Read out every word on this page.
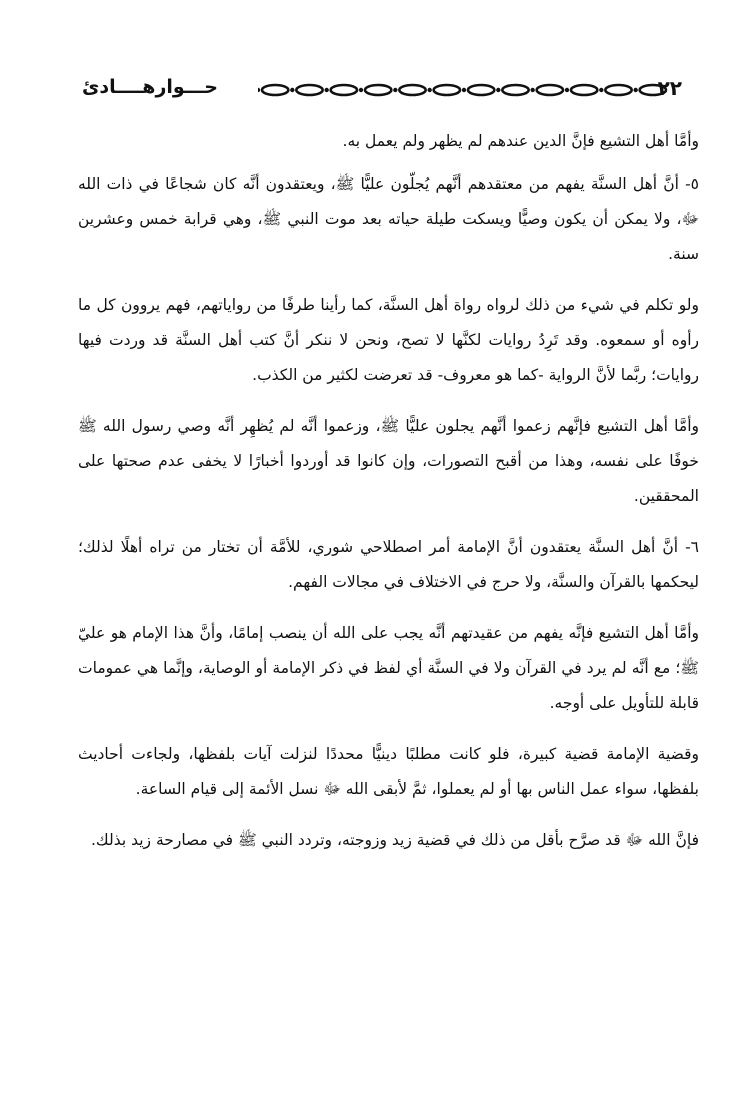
حـــوارهــــادئ	٢٢

وأمَّا أهل التشيع فإنَّ الدين عندهم لم يظهر ولم يعمل به.

٥- أنَّ أهل السنَّة يفهم من معتقدهم أنَّهم يُجلّون عليًّا ﷺ، ويعتقدون أنَّه كان شجاعًا في ذات الله ﷻ، ولا يمكن أن يكون وصيًّا ويسكت طيلة حياته بعد موت النبي ﷺ، وهي قرابة خمس وعشرين سنة.

ولو تكلم في شيء من ذلك لرواه رواة أهل السنَّة، كما رأينا طرفًا من رواياتهم، فهم يروون كل ما رأوه أو سمعوه. وقد تَرِدُ روايات لكنَّها لا تصح، ونحن لا ننكر أنَّ كتب أهل السنَّة قد وردت فيها روايات؛ ربَّما لأنَّ الرواية -كما هو معروف- قد تعرضت لكثير من الكذب.

وأمَّا أهل التشيع فإنَّهم زعموا أنَّهم يجلون عليًّا ﷺ، وزعموا أنَّه لم يُظهِر أنَّه وصي رسول الله ﷺ خوفًا على نفسه، وهذا من أقبح التصورات، وإن كانوا قد أوردوا أخبارًا لا يخفى عدم صحتها على المحققين.

٦- أنَّ أهل السنَّة يعتقدون أنَّ الإمامة أمر اصطلاحي شوري، للأمَّة أن تختار من تراه أهلًا لذلك؛ ليحكمها بالقرآن والسنَّة، ولا حرج في الاختلاف في مجالات الفهم.

وأمَّا أهل التشيع فإنَّه يفهم من عقيدتهم أنَّه يجب على الله أن ينصب إمامًا، وأنَّ هذا الإمام هو عليّ ﷺ؛ مع أنَّه لم يرد في القرآن ولا في السنَّة أي لفظ في ذكر الإمامة أو الوصاية، وإنَّما هي عمومات قابلة للتأويل على أوجه.

وقضية الإمامة قضية كبيرة، فلو كانت مطلبًا دينيًّا محددًا لنزلت آيات بلفظها، ولجاءت أحاديث بلفظها، سواء عمل الناس بها أو لم يعملوا، ثمَّ لأبقى الله ﷻ نسل الأئمة إلى قيام الساعة.

فإنَّ الله ﷻ قد صرَّح بأقل من ذلك في قضية زيد وزوجته، وتردد النبي ﷺ في مصارحة زيد بذلك.
